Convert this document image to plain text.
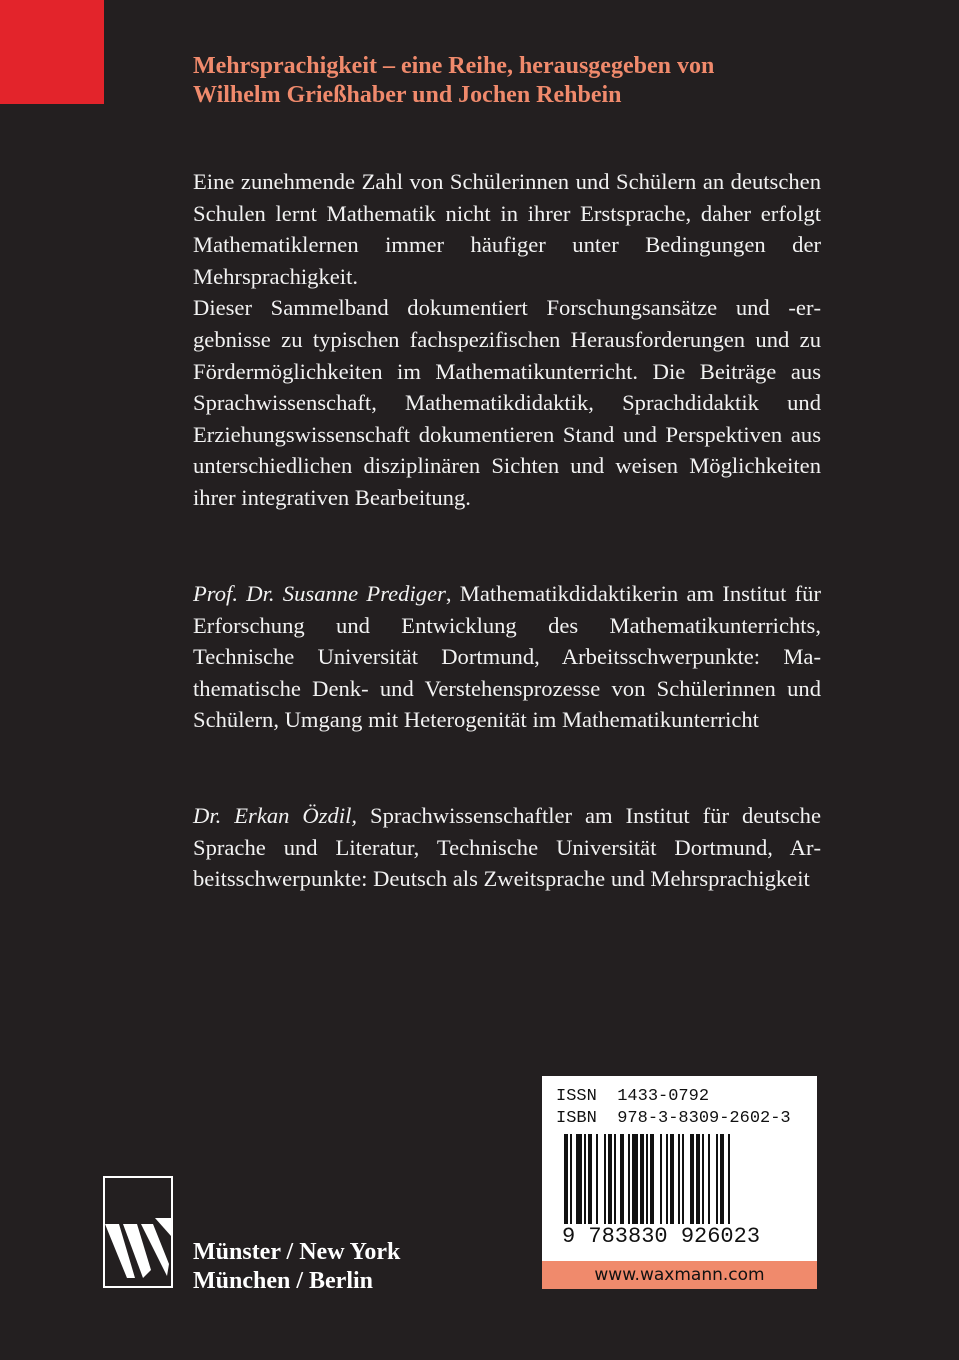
Mehrsprachigkeit – eine Reihe, herausgegeben von
Wilhelm Grießhaber und Jochen Rehbein

Eine zunehmende Zahl von Schülerinnen und Schülern an deutschen Schulen lernt Mathematik nicht in ihrer Erstsprache, daher erfolgt Mathematiklernen immer häufiger unter Bedingungen der Mehrsprachigkeit.

Dieser Sammelband dokumentiert Forschungsansätze und -ergebnisse zu typischen fachspezifischen Herausforderungen und zu Fördermöglichkeiten im Mathematikunterricht. Die Beiträge aus Sprachwissenschaft, Mathematikdidaktik, Sprachdidaktik und Erziehungswissenschaft dokumentieren Stand und Perspektiven aus unterschiedlichen disziplinären Sichten und weisen Möglichkeiten ihrer integrativen Bearbeitung.

Prof. Dr. Susanne Prediger, Mathematikdidaktikerin am Institut für Erforschung und Entwicklung des Mathematikunterrichts, Technische Universität Dortmund, Arbeitsschwerpunkte: Mathematische Denk- und Verstehensprozesse von Schülerinnen und Schülern, Umgang mit Heterogenität im Mathematikunterricht

Dr. Erkan Özdil, Sprachwissenschaftler am Institut für deutsche Sprache und Literatur, Technische Universität Dortmund, Arbeitsschwerpunkte: Deutsch als Zweitsprache und Mehrsprachigkeit

Münster / New York
München / Berlin
ISSN  1433-0792
ISBN  978-3-8309-2602-3
9 783830 926023
www.waxmann.com
